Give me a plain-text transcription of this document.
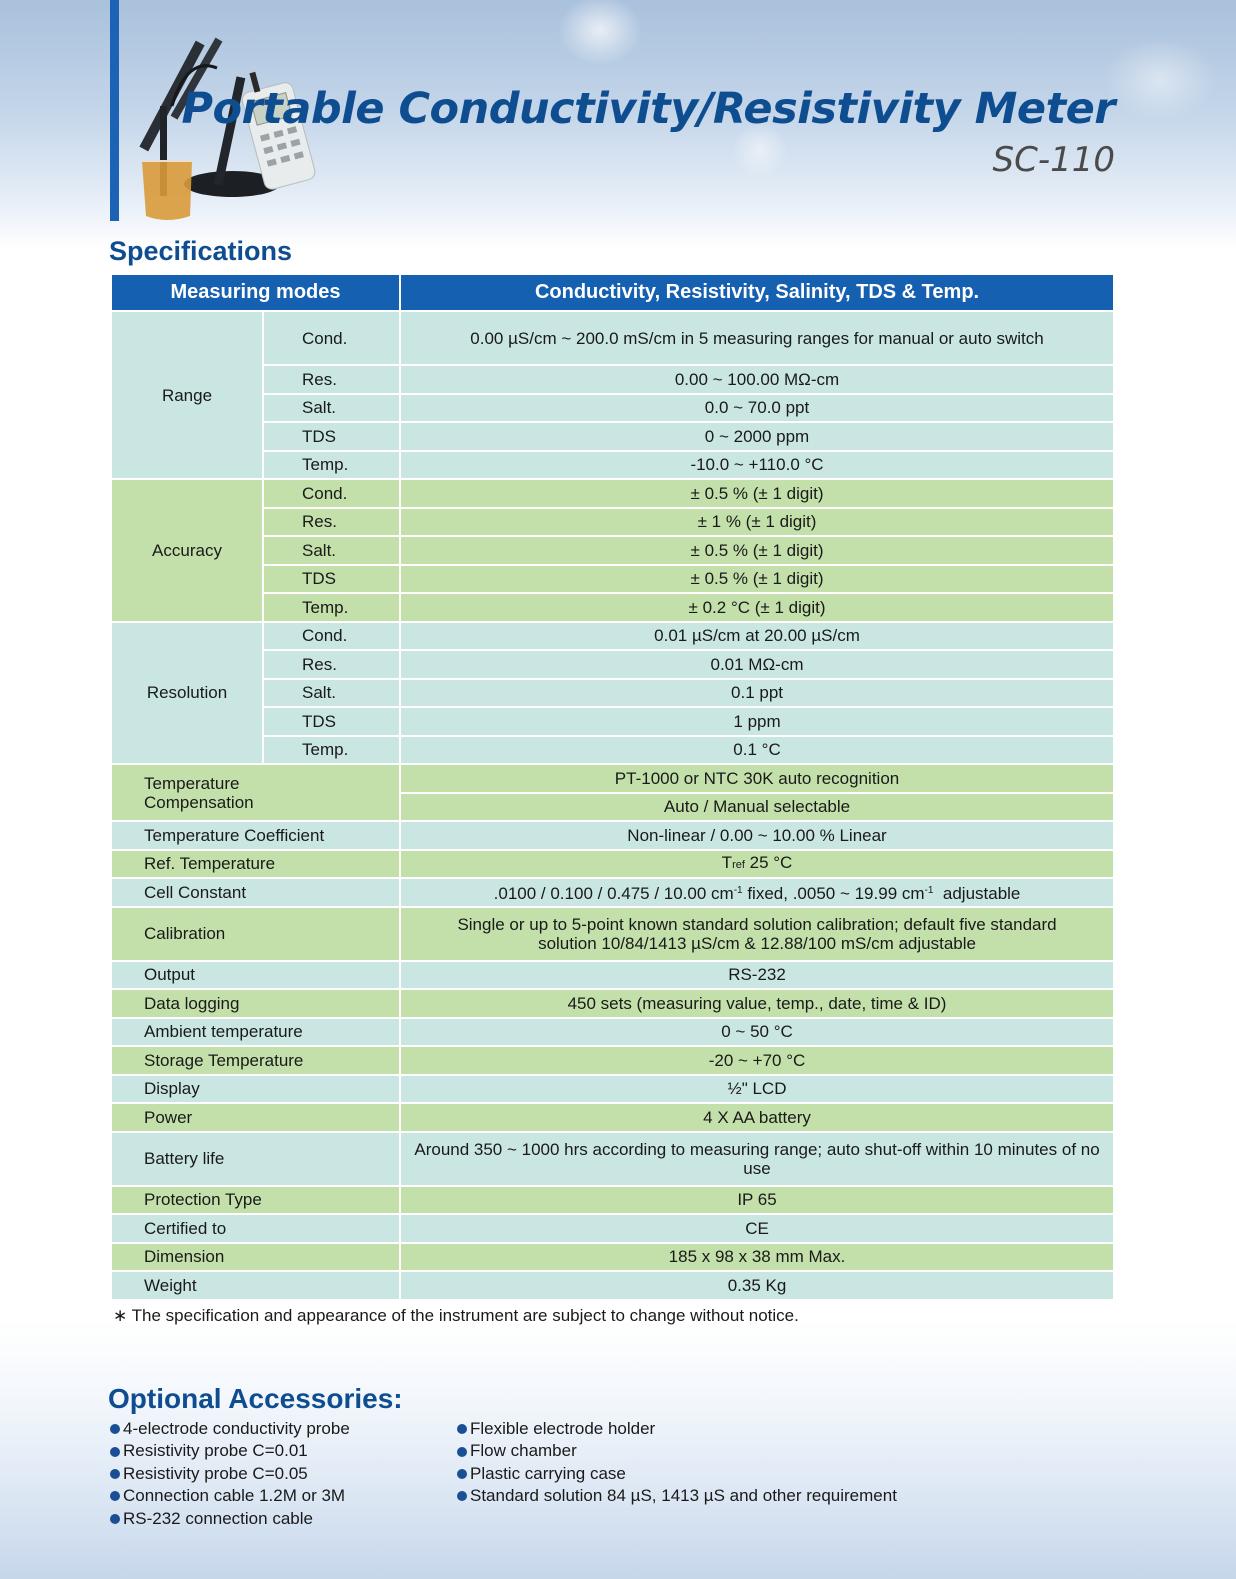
Portable Conductivity/Resistivity Meter
SC-110
Specifications
Measuring modes		Conductivity, Resistivity, Salinity, TDS & Temp.
Range	Cond.	0.00 µS/cm ~ 200.0 mS/cm in 5 measuring ranges for manual or auto switch
	Res.	0.00 ~ 100.00 MΩ-cm
	Salt.	0.0 ~ 70.0 ppt
	TDS	0 ~ 2000 ppm
	Temp.	-10.0 ~ +110.0 °C
Accuracy	Cond.	± 0.5 % (± 1 digit)
	Res.	± 1 % (± 1 digit)
	Salt.	± 0.5 % (± 1 digit)
	TDS	± 0.5 % (± 1 digit)
	Temp.	± 0.2 °C (± 1 digit)
Resolution	Cond.	0.01 µS/cm at 20.00 µS/cm
	Res.	0.01 MΩ-cm
	Salt.	0.1 ppt
	TDS	1 ppm
	Temp.	0.1 °C
Temperature Compensation		PT-1000 or NTC 30K auto recognition
		Auto / Manual selectable
Temperature Coefficient		Non-linear / 0.00 ~ 10.00 % Linear
Ref. Temperature		Tref 25 °C
Cell Constant		.0100 / 0.100 / 0.475 / 10.00 $cm^{-1}$ fixed, .0050 ~ 19.99 $cm^{-1}$  adjustable
Calibration		Single or up to 5-point known standard solution calibration; default five standard solution 10/84/1413 µS/cm & 12.88/100 mS/cm adjustable
Output		RS-232
Data logging		450 sets (measuring value, temp., date, time & ID)
Ambient temperature		0 ~ 50 °C
Storage Temperature		-20 ~ +70 °C
Display		½" LCD
Power		4 X AA battery
Battery life		Around 350 ~ 1000 hrs according to measuring range; auto shut-off within 10 minutes of no use
Protection Type		IP 65
Certified to		CE
Dimension		185 x 98 x 38 mm Max.
Weight		0.35 Kg
∗ The specification and appearance of the instrument are subject to change without notice.
Optional Accessories:
4-electrode conductivity probe
Resistivity probe C=0.01
Resistivity probe C=0.05
Connection cable 1.2M or 3M
RS-232 connection cable
Flexible electrode holder
Flow chamber
Plastic carrying case
Standard solution 84 µS, 1413 µS and other requirement
